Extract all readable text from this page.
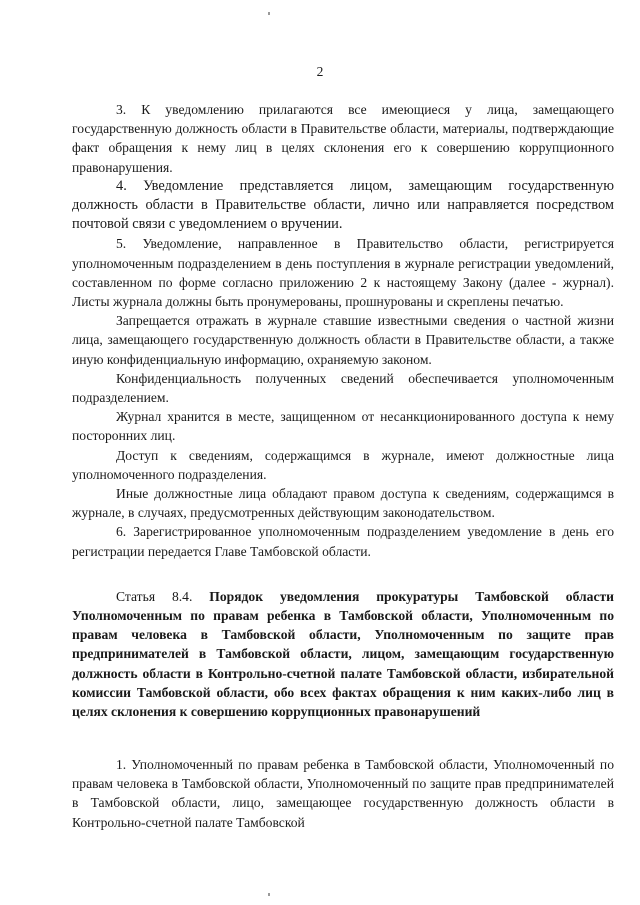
2

3. К уведомлению прилагаются все имеющиеся у лица, замещающего государственную должность области в Правительстве области, материалы, подтверждающие факт обращения к нему лиц в целях склонения его к совершению коррупционного правонарушения.

4. Уведомление представляется лицом, замещающим государственную должность области в Правительстве области, лично или направляется посредством почтовой связи с уведомлением о вручении.

5. Уведомление, направленное в Правительство области, регистрируется уполномоченным подразделением в день поступления в журнале регистрации уведомлений, составленном по форме согласно приложению 2 к настоящему Закону (далее - журнал). Листы журнала должны быть пронумерованы, прошнурованы и скреплены печатью.

Запрещается отражать в журнале ставшие известными сведения о частной жизни лица, замещающего государственную должность области в Правительстве области, а также иную конфиденциальную информацию, охраняемую законом.

Конфиденциальность полученных сведений обеспечивается уполномоченным подразделением.

Журнал хранится в месте, защищенном от несанкционированного доступа к нему посторонних лиц.

Доступ к сведениям, содержащимся в журнале, имеют должностные лица уполномоченного подразделения.

Иные должностные лица обладают правом доступа к сведениям, содержащимся в журнале, в случаях, предусмотренных действующим законодательством.

6. Зарегистрированное уполномоченным подразделением уведомление в день его регистрации передается Главе Тамбовской области.

Статья 8.4. Порядок уведомления прокуратуры Тамбовской области Уполномоченным по правам ребенка в Тамбовской области, Уполномоченным по правам человека в Тамбовской области, Уполномоченным по защите прав предпринимателей в Тамбовской области, лицом, замещающим государственную должность области в Контрольно-счетной палате Тамбовской области, избирательной комиссии Тамбовской области, обо всех фактах обращения к ним каких-либо лиц в целях склонения к совершению коррупционных правонарушений

1. Уполномоченный по правам ребенка в Тамбовской области, Уполномоченный по правам человека в Тамбовской области, Уполномоченный по защите прав предпринимателей в Тамбовской области, лицо, замещающее государственную должность области в Контрольно-счетной палате Тамбовской
